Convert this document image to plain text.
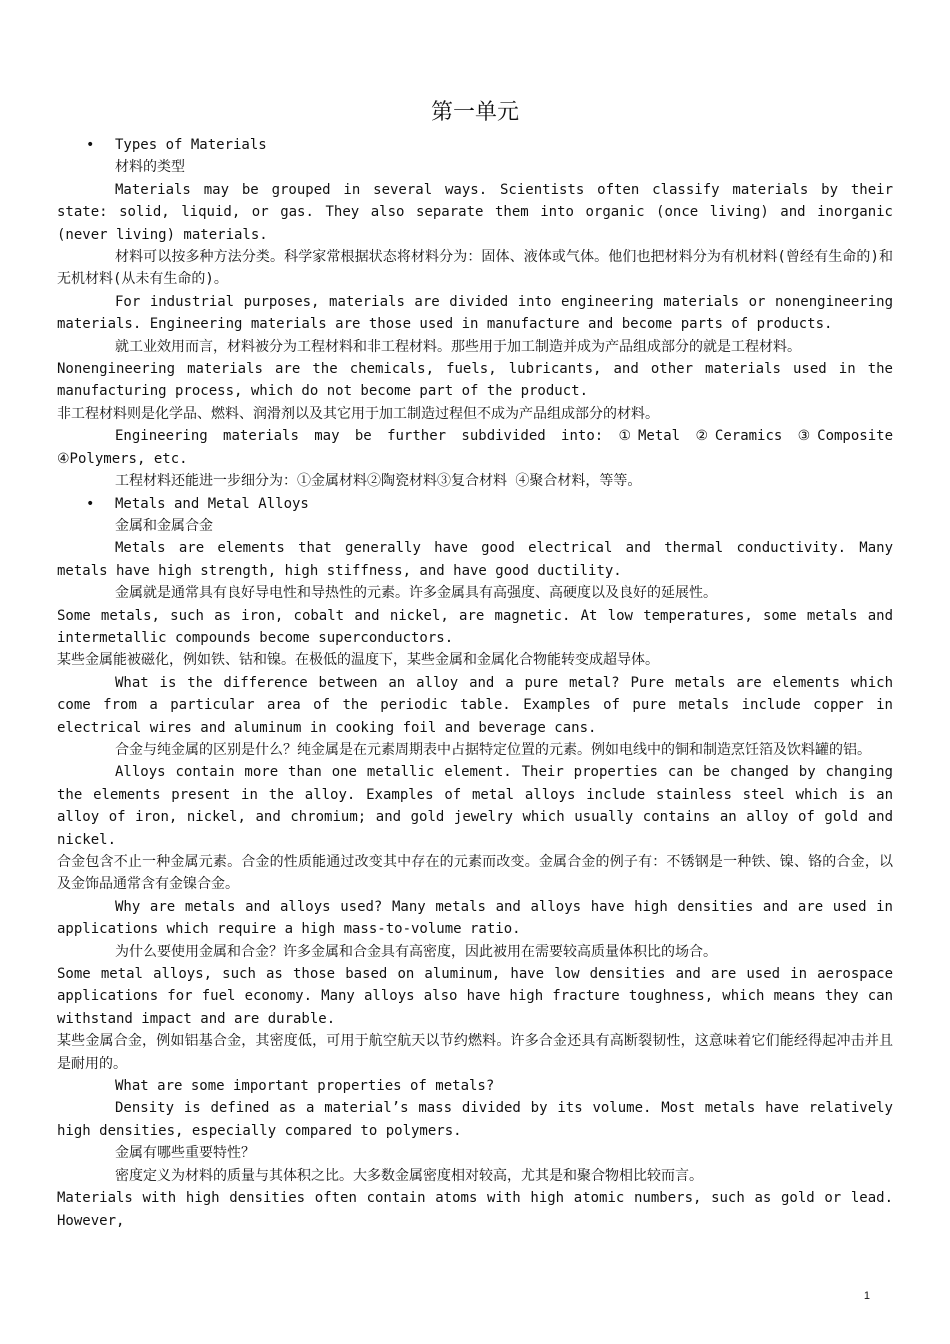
第一单元
• Types of Materials
材料的类型

Materials may be grouped in several ways. Scientists often classify materials by their state: solid, liquid, or gas. They also separate them into organic (once living) and inorganic (never living) materials.

材料可以按多种方法分类。科学家常根据状态将材料分为：固体、液体或气体。他们也把材料分为有机材料(曾经有生命的)和无机材料(从未有生命的)。

For industrial purposes, materials are divided into engineering materials or nonengineering materials. Engineering materials are those used in manufacture and become parts of products.

就工业效用而言，材料被分为工程材料和非工程材料。那些用于加工制造并成为产品组成部分的就是工程材料。

Nonengineering materials are the chemicals, fuels, lubricants, and other materials used in the manufacturing process, which do not become part of the product.

非工程材料则是化学品、燃料、润滑剂以及其它用于加工制造过程但不成为产品组成部分的材料。

Engineering materials may be further subdivided into: ①Metal ②Ceramics ③Composite ④Polymers, etc.

工程材料还能进一步细分为：①金属材料②陶瓷材料③复合材料 ④聚合材料，等等。

• Metals and Metal Alloys
金属和金属合金

Metals are elements that generally have good electrical and thermal conductivity. Many metals have high strength, high stiffness, and have good ductility.

金属就是通常具有良好导电性和导热性的元素。许多金属具有高强度、高硬度以及良好的延展性。

Some metals, such as iron, cobalt and nickel, are magnetic. At low temperatures, some metals and intermetallic compounds become superconductors.

某些金属能被磁化，例如铁、钴和镍。在极低的温度下，某些金属和金属化合物能转变成超导体。

What is the difference between an alloy and a pure metal? Pure metals are elements which come from a particular area of the periodic table. Examples of pure metals include copper in electrical wires and aluminum in cooking foil and beverage cans.

合金与纯金属的区别是什么？纯金属是在元素周期表中占据特定位置的元素。例如电线中的铜和制造烹饪箔及饮料罐的铝。

Alloys contain more than one metallic element. Their properties can be changed by changing the elements present in the alloy. Examples of metal alloys include stainless steel which is an alloy of iron, nickel, and chromium; and gold jewelry which usually contains an alloy of gold and nickel.

合金包含不止一种金属元素。合金的性质能通过改变其中存在的元素而改变。金属合金的例子有：不锈钢是一种铁、镍、铬的合金，以及金饰品通常含有金镍合金。

Why are metals and alloys used? Many metals and alloys have high densities and are used in applications which require a high mass-to-volume ratio.

为什么要使用金属和合金？许多金属和合金具有高密度，因此被用在需要较高质量体积比的场合。

Some metal alloys, such as those based on aluminum, have low densities and are used in aerospace applications for fuel economy. Many alloys also have high fracture toughness, which means they can withstand impact and are durable.

某些金属合金，例如铝基合金，其密度低，可用于航空航天以节约燃料。许多合金还具有高断裂韧性，这意味着它们能经得起冲击并且是耐用的。

What are some important properties of metals?

Density is defined as a material’s mass divided by its volume. Most metals have relatively high densities, especially compared to polymers.

金属有哪些重要特性？

密度定义为材料的质量与其体积之比。大多数金属密度相对较高，尤其是和聚合物相比较而言。

Materials with high densities often contain atoms with high atomic numbers, such as gold or lead. However,

1
